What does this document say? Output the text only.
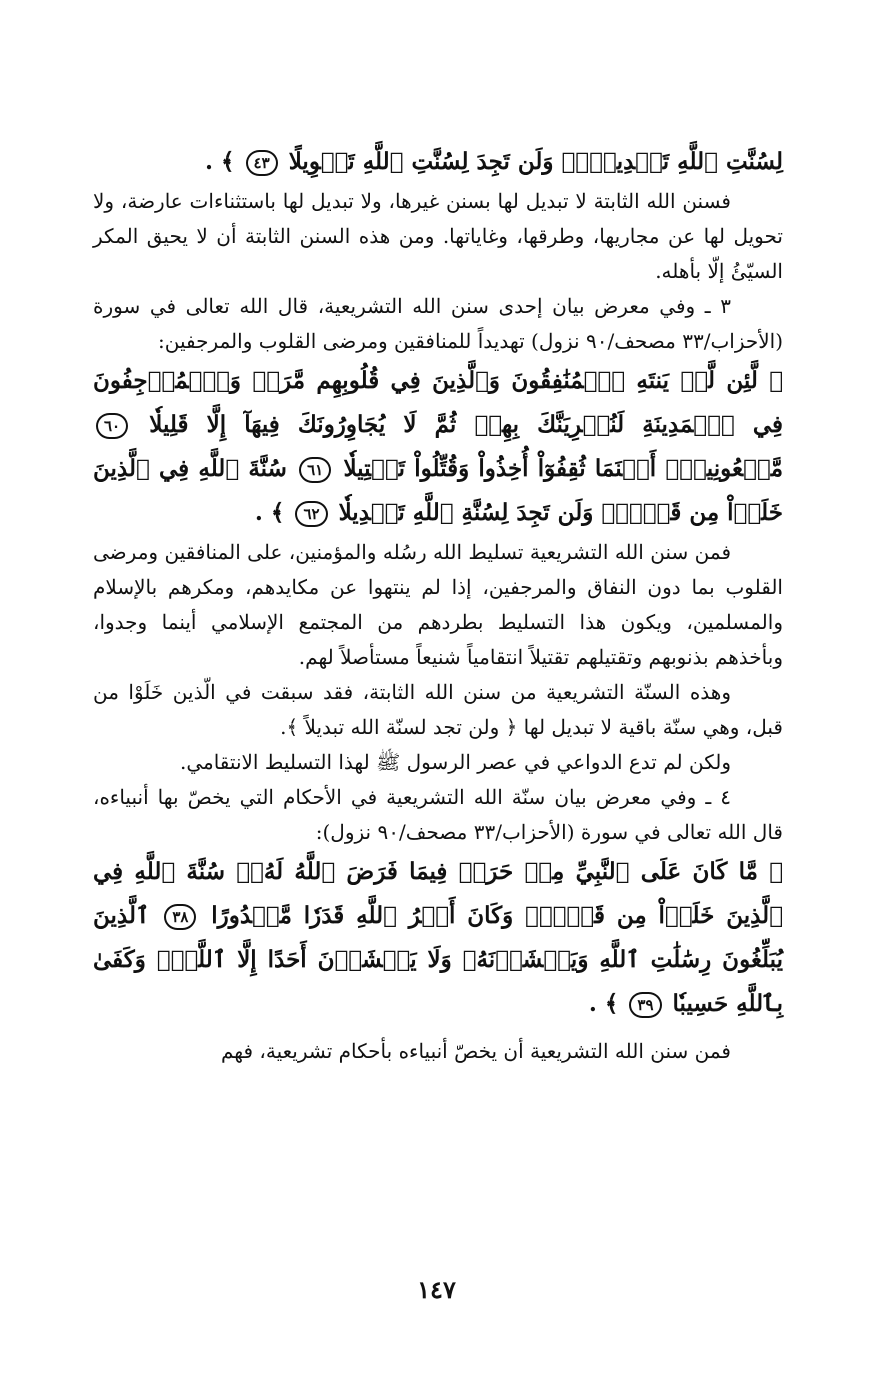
لِسُنَّتِ ٱللَّهِ تَبۡدِيلٗاۖ وَلَن تَجِدَ لِسُنَّتِ ٱللَّهِ تَحۡوِيلًا ٤٣ ﴾ .

فسنن الله الثابتة لا تبديل لها بسنن غيرها، ولا تبديل لها باستثناءات عارضة، ولا تحويل لها عن مجاريها، وطرقها، وغاياتها. ومن هذه السنن الثابتة أن لا يحيق المكر السيّئُ إلّا بأهله.

٣ ـ وفي معرض بيان إحدى سنن الله التشريعية، قال الله تعالى في سورة (الأحزاب/٣٣ مصحف/٩٠ نزول) تهديداً للمنافقين ومرضى القلوب والمرجفين:

﴿ لَّئِن لَّمۡ يَنتَهِ ٱلۡمُنَٰفِقُونَ وَٱلَّذِينَ فِي قُلُوبِهِم مَّرَضٞ وَٱلۡمُرۡجِفُونَ فِي ٱلۡمَدِينَةِ لَنُغۡرِيَنَّكَ بِهِمۡ ثُمَّ لَا يُجَاوِرُونَكَ فِيهَآ إِلَّا قَلِيلٗا ٦٠ مَّلۡعُونِينَۖ أَيۡنَمَا ثُقِفُوٓاْ أُخِذُواْ وَقُتِّلُواْ تَقۡتِيلٗا ٦١ سُنَّةَ ٱللَّهِ فِي ٱلَّذِينَ خَلَوۡاْ مِن قَبۡلُۖ وَلَن تَجِدَ لِسُنَّةِ ٱللَّهِ تَبۡدِيلٗا ٦٢ ﴾ .

فمن سنن الله التشريعية تسليط الله رسُله والمؤمنين، على المنافقين ومرضى القلوب بما دون النفاق والمرجفين، إذا لم ينتهوا عن مكايدهم، ومكرهم بالإسلام والمسلمين، ويكون هذا التسليط بطردهم من المجتمع الإسلامي أينما وجدوا، وبأخذهم بذنوبهم وتقتيلهم تقتيلاً انتقامياً شنيعاً مستأصلاً لهم.

وهذه السنّة التشريعية من سنن الله الثابتة، فقد سبقت في الّذين خَلَوْا من قبل، وهي سنّة باقية لا تبديل لها ﴿ ولن تجد لسنّة الله تبديلاً ﴾.

ولكن لم تدع الدواعي في عصر الرسول ﷺ لهذا التسليط الانتقامي.

٤ ـ وفي معرض بيان سنّة الله التشريعية في الأحكام التي يخصّ بها أنبياءه، قال الله تعالى في سورة (الأحزاب/٣٣ مصحف/٩٠ نزول):

﴿ مَّا كَانَ عَلَى ٱلنَّبِيِّ مِنۡ حَرَجٖ فِيمَا فَرَضَ ٱللَّهُ لَهُۥۖ سُنَّةَ ٱللَّهِ فِي ٱلَّذِينَ خَلَوۡاْ مِن قَبۡلُۚ وَكَانَ أَمۡرُ ٱللَّهِ قَدَرٗا مَّقۡدُورًا ٣٨ ٱلَّذِينَ يُبَلِّغُونَ رِسَٰلَٰتِ ٱللَّهِ وَيَخۡشَوۡنَهُۥ وَلَا يَخۡشَوۡنَ أَحَدًا إِلَّا ٱللَّهَۗ وَكَفَىٰ بِٱللَّهِ حَسِيبٗا ٣٩ ﴾ .

فمن سنن الله التشريعية أن يخصّ أنبياءه بأحكام تشريعية، فهم

١٤٧
